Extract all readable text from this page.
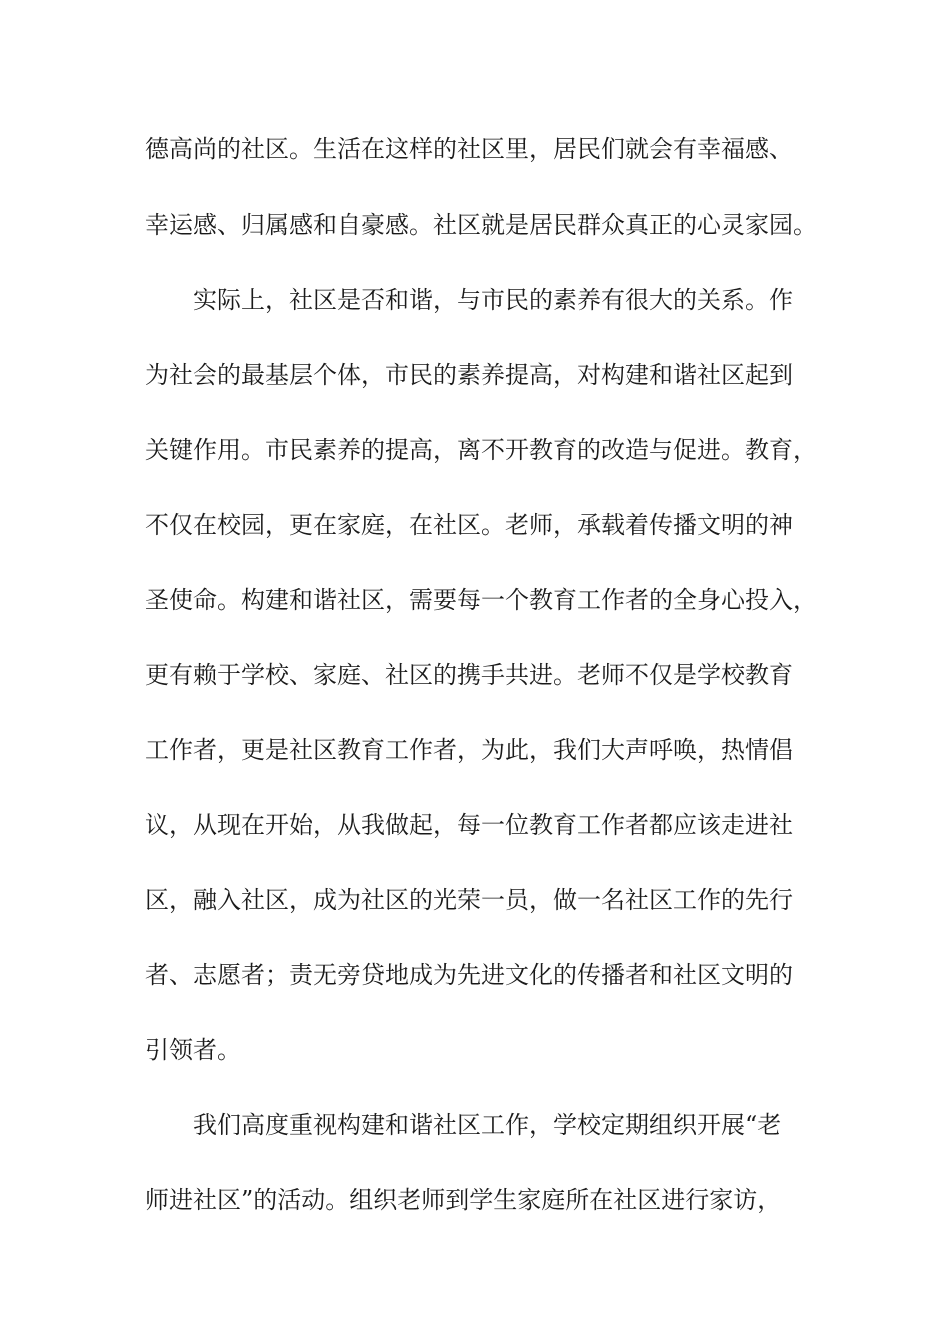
德高尚的社区。生活在这样的社区里，居民们就会有幸福感、
幸运感、归属感和自豪感。社区就是居民群众真正的心灵家园。
实际上，社区是否和谐，与市民的素养有很大的关系。作
为社会的最基层个体，市民的素养提高，对构建和谐社区起到
关键作用。市民素养的提高，离不开教育的改造与促进。教育，
不仅在校园，更在家庭，在社区。老师，承载着传播文明的神
圣使命。构建和谐社区，需要每一个教育工作者的全身心投入，
更有赖于学校、家庭、社区的携手共进。老师不仅是学校教育
工作者，更是社区教育工作者，为此，我们大声呼唤，热情倡
议，从现在开始，从我做起，每一位教育工作者都应该走进社
区，融入社区，成为社区的光荣一员，做一名社区工作的先行
者、志愿者；责无旁贷地成为先进文化的传播者和社区文明的
引领者。
我们高度重视构建和谐社区工作，学校定期组织开展“老
师进社区”的活动。组织老师到学生家庭所在社区进行家访，
